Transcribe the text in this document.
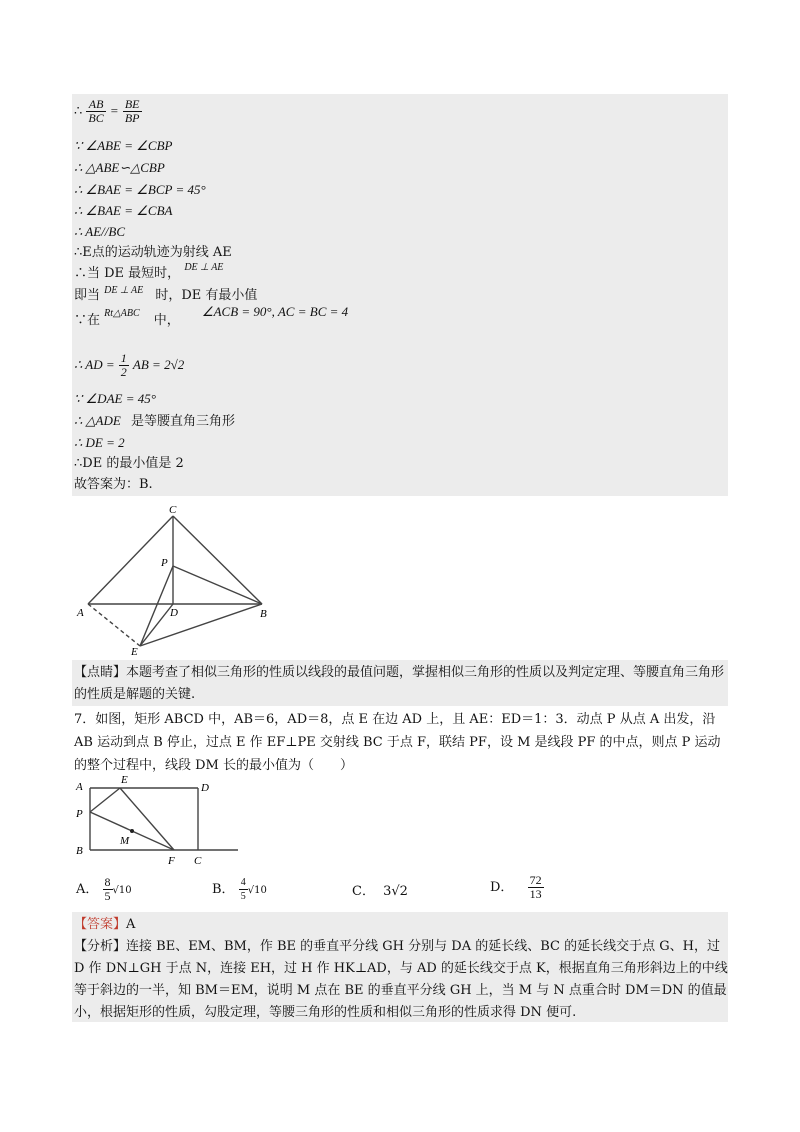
∴ $\frac{AB}{BC} = \frac{BE}{BP}$
∵ ∠ABE = ∠CBP
∴ △ABE∽△CBP
∴ ∠BAE = ∠BCP = 45°
∴ ∠BAE = ∠CBA
∴ AE//BC
∴E点的运动轨迹为射线 AE
∴当 DE 最短时， $^{DE \perp AE}$
即当 $^{DE \perp AE}$ 时，DE 有最小值
∵在 $^{Rt\triangle ABC}$ 中， ∠ACB = 90°, AC = BC = 4
∴ AD = $\frac{1}{2}$ AB = 2√2
∵ ∠DAE = 45°
∴ △ADE 是等腰直角三角形
∴ DE = 2
∴DE 的最小值是 2
故答案为：B.
C
P
A	D	B
E
【点睛】本题考查了相似三角形的性质以线段的最值问题，掌握相似三角形的性质以及判定定理、等腰直角三角形的性质是解题的关键.
7．如图，矩形 ABCD 中，AB＝6，AD＝8，点 E 在边 AD 上，且 AE：ED＝1：3．动点 P 从点 A 出发，沿 AB 运动到点 B 停止，过点 E 作 EF⊥PE 交射线 BC 于点 F，联结 PF，设 M 是线段 PF 的中点，则点 P 运动的整个过程中，线段 DM 长的最小值为（　　）
A
E
D
P
M
B
F C
A． $\frac{8}{5} √10$	B． $\frac{4}{5} √10$	C． 3√2	D． $\frac{72}{13}$
【答案】A
【分析】连接 BE、EM、BM，作 BE 的垂直平分线 GH 分别与 DA 的延长线、BC 的延长线交于点 G、H，过 D 作 DN⊥GH 于点 N，连接 EH，过 H 作 HK⊥AD，与 AD 的延长线交于点 K，根据直角三角形斜边上的中线等于斜边的一半，知 BM＝EM，说明 M 点在 BE 的垂直平分线 GH 上，当 M 与 N 点重合时 DM＝DN 的值最小，根据矩形的性质，勾股定理，等腰三角形的性质和相似三角形的性质求得 DN 便可.
